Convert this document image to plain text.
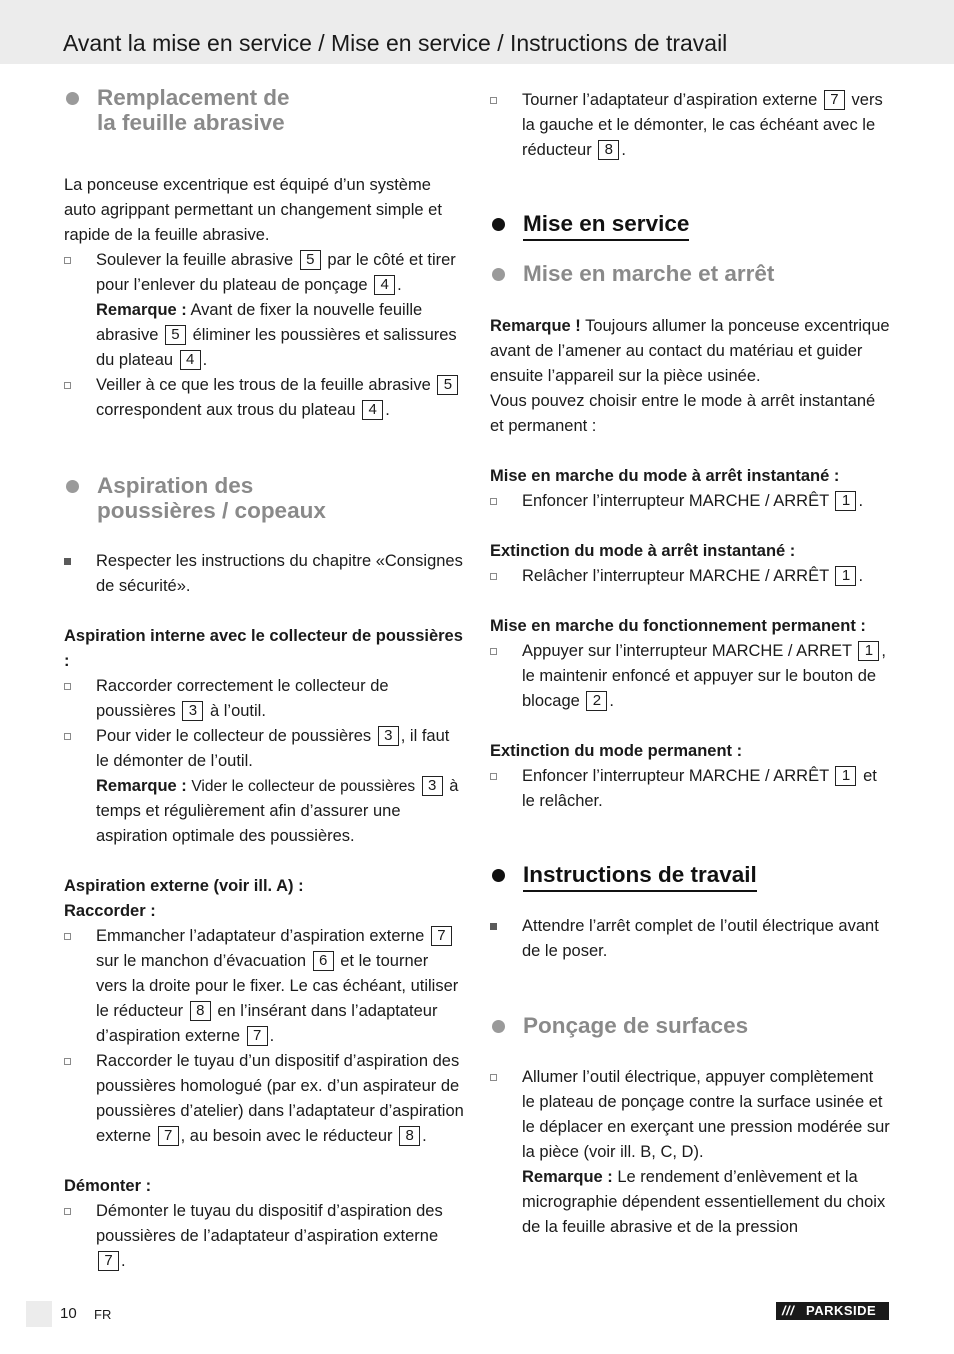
Avant la mise en service / Mise en service / Instructions de travail
Remplacement de
la feuille abrasive

La ponceuse excentrique est équipé d’un système auto agrippant permettant un changement simple et rapide de la feuille abrasive.

Soulever la feuille abrasive 5 par le côté et tirer pour l’enlever du plateau de ponçage 4 .
Remarque : Avant de fixer la nouvelle feuille abrasive 5 éliminer les poussières et salissures du plateau 4 .
Veiller à ce que les trous de la feuille abrasive 5 correspondent aux trous du plateau 4 .
Aspiration des
poussières / copeaux
Respecter les instructions du chapitre «Consignes de sécurité».

Aspiration interne avec le collecteur de poussières :

Raccorder correctement le collecteur de poussières 3 à l’outil.
Pour vider le collecteur de poussières 3 , il faut le démonter de l’outil.
Remarque : Vider le collecteur de poussières 3 à temps et régulièrement afin d’assurer une aspiration optimale des poussières.

Aspiration externe (voir ill. A) :

Raccorder :

Emmancher l’adaptateur d’aspiration externe 7 sur le manchon d’évacuation 6 et le tourner vers la droite pour le fixer. Le cas échéant, utiliser le réducteur 8 en l’insérant dans l’adaptateur d’aspiration externe 7 .
Raccorder le tuyau d’un dispositif d’aspiration des poussières homologué (par ex. d’un aspirateur de poussières d’atelier) dans l’adaptateur d’aspiration externe 7 , au besoin avec le réducteur 8 .

Démonter :

Démonter le tuyau du dispositif d’aspiration des poussières de l’adaptateur d’aspiration externe 7 .
Tourner l’adaptateur d’aspiration externe 7 vers la gauche et le démonter, le cas échéant avec le réducteur 8 .
Mise en service
Mise en marche et arrêt

Remarque ! Toujours allumer la ponceuse excentrique avant de l’amener au contact du matériau et guider ensuite l’appareil sur la pièce usinée.

Vous pouvez choisir entre le mode à arrêt instantané et permanent :

Mise en marche du mode à arrêt instantané :

Enfoncer l’interrupteur MARCHE / ARRÊT 1 .

Extinction du mode à arrêt instantané :

Relâcher l’interrupteur MARCHE / ARRÊT 1 .

Mise en marche du fonctionnement permanent :

Appuyer sur l’interrupteur MARCHE / ARRET 1 , le maintenir enfoncé et appuyer sur le bouton de blocage 2 .

Extinction du mode permanent :

Enfoncer l’interrupteur MARCHE / ARRÊT 1 et le relâcher.
Instructions de travail
Attendre l’arrêt complet de l’outil électrique avant de le poser.
Ponçage de surfaces
Allumer l’outil électrique, appuyer complètement le plateau de ponçage contre la surface usinée et le déplacer en exerçant une pression modérée sur la pièce (voir ill. B, C, D).
Remarque : Le rendement d’enlèvement et la micrographie dépendent essentiellement du choix de la feuille abrasive et de la pression
10 FR	/// PARKSIDE
